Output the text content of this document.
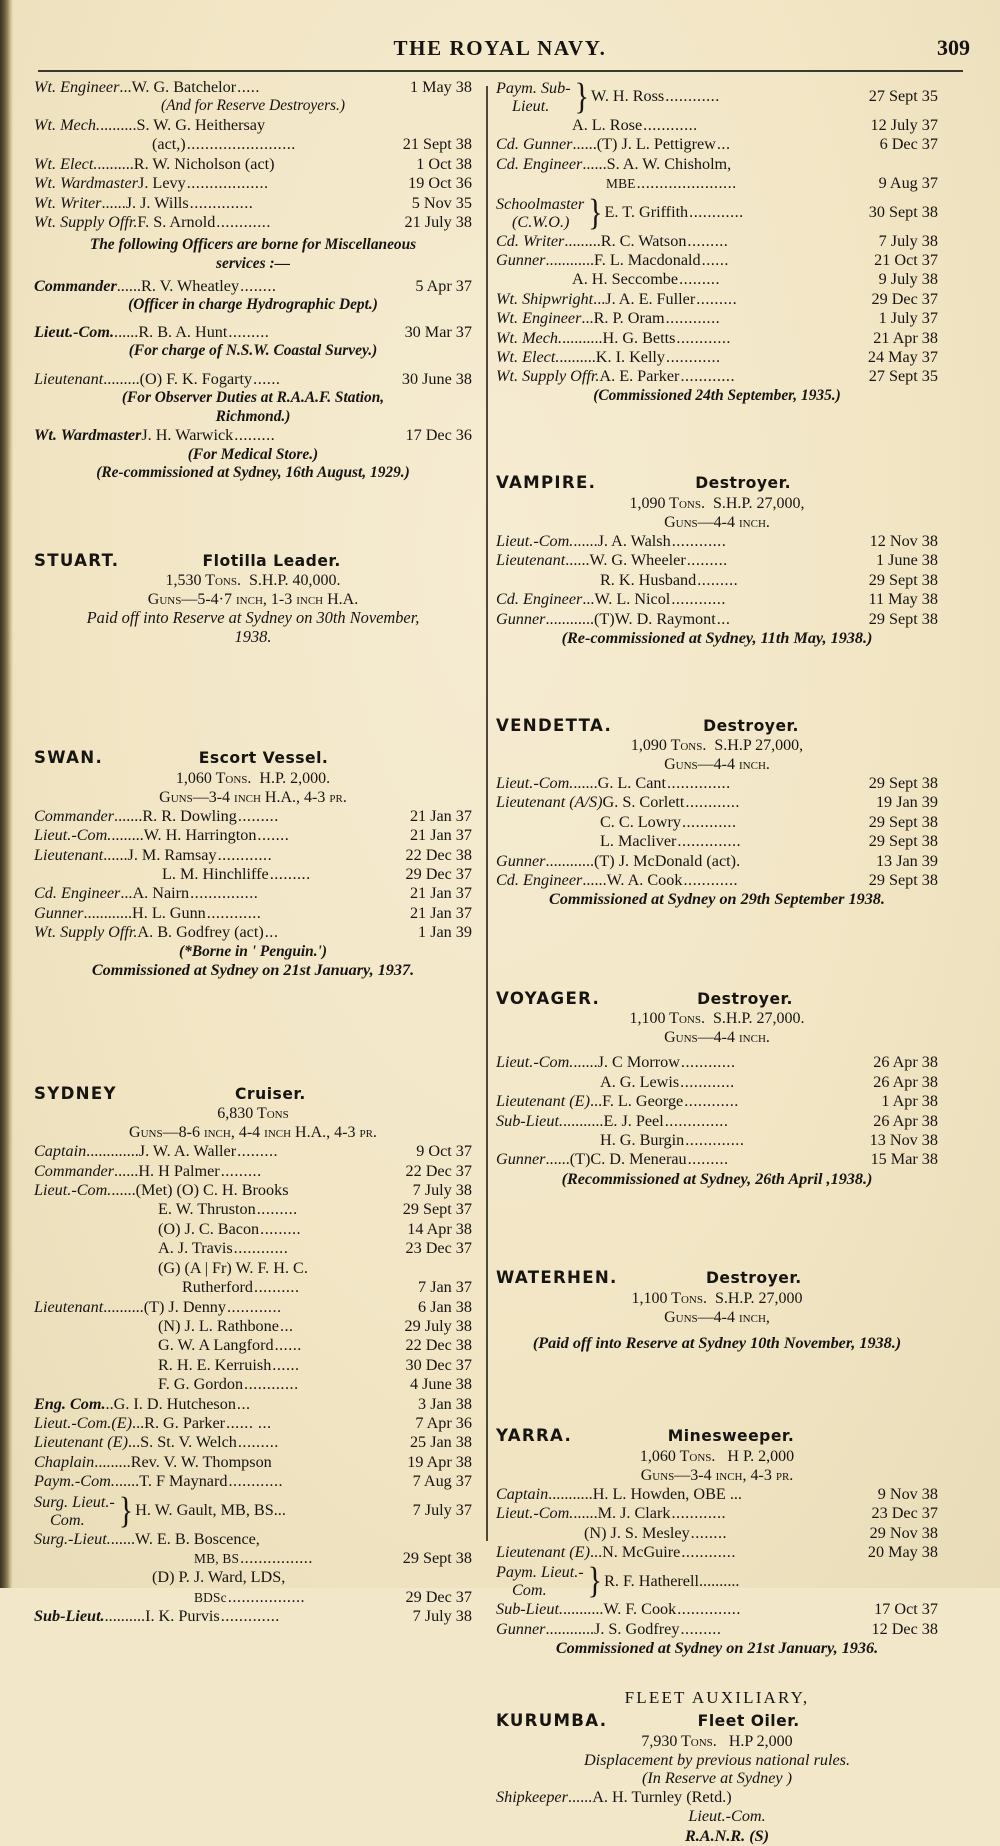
THE ROYAL NAVY.	309
Wt. Engineer ... W. G. Batchelor .....	1 May 38
(And for Reserve Destroyers.)
Wt. Mech. ......... S. W. G. Heithersay
(act,) ........................	21 Sept 38
Wt. Elect. ......... R. W. Nicholson (act)	1 Oct 38
Wt. Wardmaster J. Levy ..................	19 Oct 36
Wt. Writer ...... J. J. Wills ..............	5 Nov 35
Wt. Supply Offr. F. S. Arnold ............	21 July 38
The following Officers are borne for Miscellaneous
services :—
Commander ...... R. V. Wheatley ........	5 Apr 37
(Officer in charge Hydrographic Dept.)
Lieut.-Com. ...... R. B. A. Hunt .........	30 Mar 37
(For charge of N.S.W. Coastal Survey.)
Lieutenant ......... (O) F. K. Fogarty ......	30 June 38
(For Observer Duties at R.A.A.F. Station,
Richmond.)
Wt. Wardmaster J. H. Warwick .........	17 Dec 36
(For Medical Store.)
(Re-commissioned at Sydney, 16th August, 1929.)
STUART.	Flotilla Leader.
1,530 Tons. S.H.P. 40,000.
Guns—5-4·7 inch, 1-3 inch H.A.
Paid off into Reserve at Sydney on 30th November,
1938.
SWAN.	Escort Vessel.
1,060 Tons. H.P. 2,000.
Guns—3-4 inch H.A., 4-3 pr.
Commander ....... R. R. Dowling .........	21 Jan 37
Lieut.-Com. ........ W. H. Harrington .......	21 Jan 37
Lieutenant ...... J. M. Ramsay ............	22 Dec 38
L. M. Hinchliffe .........	29 Dec 37
Cd. Engineer ... A. Nairn ...............	21 Jan 37
Gunner ............ H. L. Gunn ............	21 Jan 37
Wt. Supply Offr. A. B. Godfrey (act) ...	1 Jan 39
(*Borne in ' Penguin.')
Commissioned at Sydney on 21st January, 1937.
SYDNEY	Cruiser.
6,830 Tons
Guns—8-6 inch, 4-4 inch H.A., 4-3 pr.
Captain ............. J. W. A. Waller .........	9 Oct 37
Commander ...... H. H Palmer .........	22 Dec 37
Lieut.-Com. ...... (Met) (O) C. H. Brooks	7 July 38
E. W. Thruston .........	29 Sept 37
(O) J. C. Bacon .........	14 Apr 38
A. J. Travis ............	23 Dec 37
(G) (A | Fr) W. F. H. C.
Rutherford ..........	7 Jan 37
Lieutenant .......... (T) J. Denny ............	6 Jan 38
(N) J. L. Rathbone ...	29 July 38
G. W. A Langford ......	22 Dec 38
R. H. E. Kerruish ......	30 Dec 37
F. G. Gordon ............	4 June 38
Eng. Com. .. G. I. D. Hutcheson ...	3 Jan 38
Lieut.-Com.(E) ... R. G. Parker ...... ...	7 Apr 36
Lieutenant (E) ... S. St. V. Welch .........	25 Jan 38
Chaplain ......... Rev. V. W. Thompson	19 Apr 38
Paym.-Com. ...... T. F Maynard ............	7 Aug 37
Surg. Lieut.-
Com.	} H. W. Gault, MB, BS...	7 July 37
Surg.-Lieut. ...... W. E. B. Boscence,
MB, BS ................	29 Sept 38
(D) P. J. Ward, LDS,
BDSc .................	29 Dec 37
Sub-Lieut. .......... I. K. Purvis .............	7 July 38
Paym. Sub-
Lieut. } W. H. Ross ............	27 Sept 35
A. L. Rose ............	12 July 37
Cd. Gunner ...... (T) J. L. Pettigrew ...	6 Dec 37
Cd. Engineer ...... S. A. W. Chisholm,
MBE ......................	9 Aug 37
Schoolmaster
(C.W.O.) } E. T. Griffith ............	30 Sept 38
Cd. Writer ......... R. C. Watson .........	7 July 38
Gunner ............ F. L. Macdonald ......	21 Oct 37
A. H. Seccombe .........	9 July 38
Wt. Shipwright ... J. A. E. Fuller .........	29 Dec 37
Wt. Engineer ... R. P. Oram ............	1 July 37
Wt. Mech. .......... H. G. Betts ............	21 Apr 38
Wt. Elect. ......... K. I. Kelly ............	24 May 37
Wt. Supply Offr. A. E. Parker ............	27 Sept 35
(Commissioned 24th September, 1935.)
VAMPIRE.	Destroyer.
1,090 Tons. S.H.P. 27,000,
Guns—4-4 inch.
Lieut.-Com. ...... J. A. Walsh ............	12 Nov 38
Lieutenant ...... W. G. Wheeler .........	1 June 38
R. K. Husband .........	29 Sept 38
Cd. Engineer ... W. L. Nicol ............	11 May 38
Gunner ............ (T)W. D. Raymont ...	29 Sept 38
(Re-commissioned at Sydney, 11th May, 1938.)
VENDETTA.	Destroyer.
1,090 Tons. S.H.P 27,000,
Guns—4-4 inch.
Lieut.-Com. ...... G. L. Cant ..............	29 Sept 38
Lieutenant (A/S) G. S. Corlett ............	19 Jan 39
C. C. Lowry ............	29 Sept 38
L. Macliver ..............	29 Sept 38
Gunner ............ (T) J. McDonald (act).	13 Jan 39
Cd. Engineer ...... W. A. Cook ............	29 Sept 38
Commissioned at Sydney on 29th September 1938.
VOYAGER.	Destroyer.
1,100 Tons. S.H.P. 27,000.
Guns—4-4 inch.
Lieut.-Com. ...... J. C Morrow ............	26 Apr 38
A. G. Lewis ............	26 Apr 38
Lieutenant (E) ... F. L. George ............	1 Apr 38
Sub-Lieut. .......... E. J. Peel ..............	26 Apr 38
H. G. Burgin .............	13 Nov 38
Gunner ...... (T)C. D. Menerau .........	15 Mar 38
(Recommissioned at Sydney, 26th April ,1938.)
WATERHEN.	Destroyer.
1,100 Tons. S.H.P. 27,000
Guns—4-4 inch,
(Paid off into Reserve at Sydney 10th November, 1938.)
YARRA.	Minesweeper.
1,060 Tons. H P. 2,000
Guns—3-4 inch, 4-3 pr.
Captain ........... H. L. Howden, OBE ...	9 Nov 38
Lieut.-Com. ...... M. J. Clark ............	23 Dec 37
(N) J. S. Mesley ........	29 Nov 38
Lieutenant (E) ... N. McGuire ............	20 May 38
Paym. Lieut.-
Com.	} R. F. Hatherell..........
Sub-Lieut. .......... W. F. Cook ..............	17 Oct 37
Gunner ............ J. S. Godfrey .........	12 Dec 38
Commissioned at Sydney on 21st January, 1936.
FLEET AUXILIARY,
KURUMBA.	Fleet Oiler.
7,930 Tons. H.P 2,000
Displacement by previous national rules.
(In Reserve at Sydney )
Shipkeeper ...... A. H. Turnley (Retd.)
Lieut.-Com.
R.A.N.R. (S)
